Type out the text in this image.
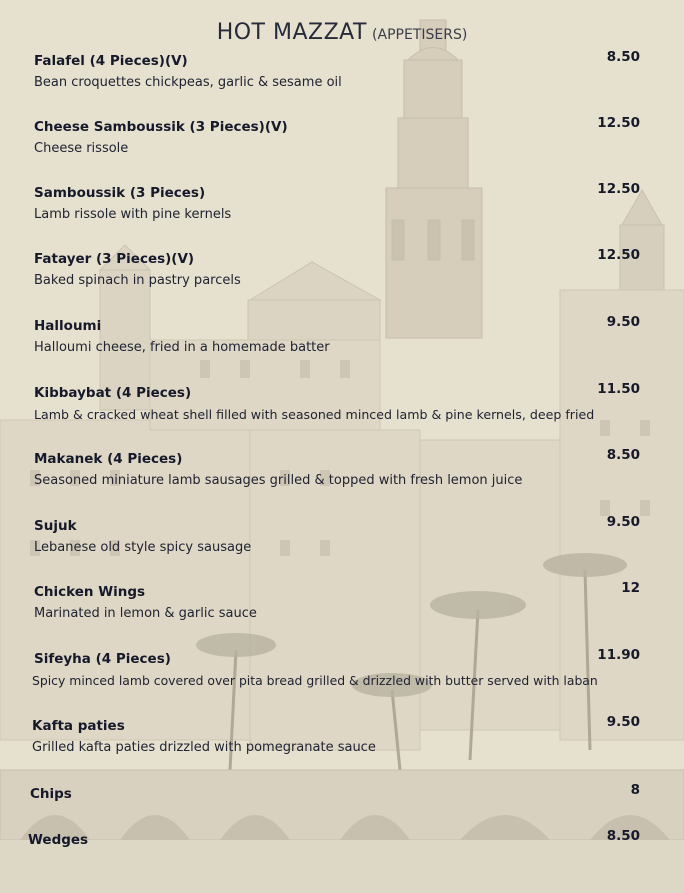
HOT MAZZAT (APPETISERS)
Falafel (4 Pieces)(V)
Bean croquettes chickpeas, garlic & sesame oil
8.50
Cheese Samboussik (3 Pieces)(V)
Cheese rissole
12.50
Samboussik (3 Pieces)
Lamb rissole with pine kernels
12.50
Fatayer (3 Pieces)(V)
Baked spinach in pastry parcels
12.50
Halloumi
Halloumi cheese, fried in a homemade batter
9.50
Kibbaybat (4 Pieces)
Lamb & cracked wheat shell filled with seasoned minced lamb & pine kernels, deep fried
11.50
Makanek (4 Pieces)
Seasoned miniature lamb sausages grilled & topped with fresh lemon juice
8.50
Sujuk
Lebanese old style spicy sausage
9.50
Chicken Wings
Marinated in lemon & garlic sauce
12
Sifeyha (4 Pieces)
Spicy minced lamb covered over pita bread grilled & drizzled with butter served with laban
11.90
Kafta paties
Grilled kafta paties drizzled with pomegranate sauce
9.50
Chips	8
Wedges	8.50
